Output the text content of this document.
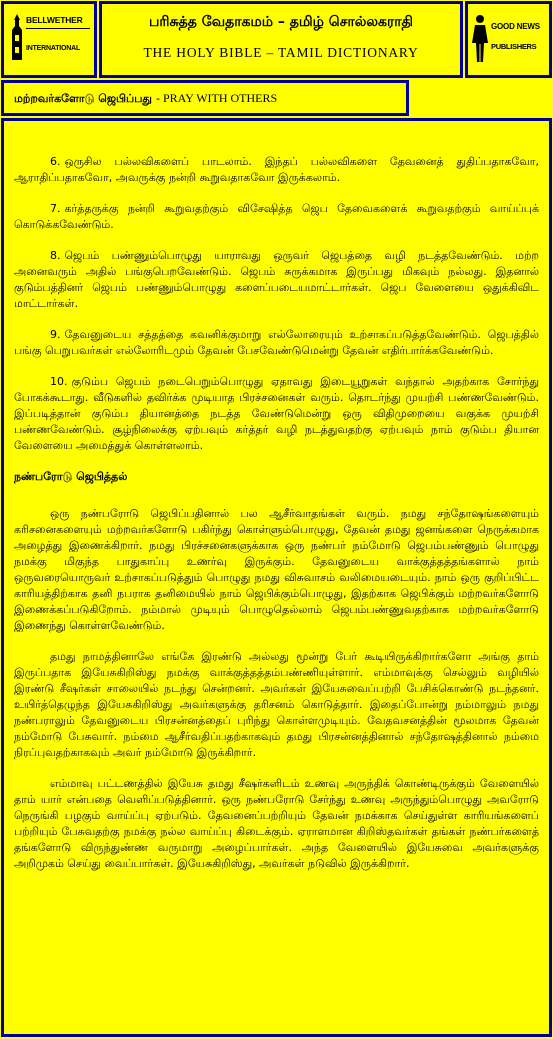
BELLWETHER
INTERNATIONAL
பரிசுத்த வேதாகமம் – தமிழ் சொல்லகராதி
THE HOLY BIBLE – TAMIL DICTIONARY
GOOD NEWS
PUBLISHERS
மற்றவர்களோடு ஜெபிப்பது - PRAY WITH OTHERS

6. ஒருசில பல்லவிகளைப் பாடலாம். இந்தப் பல்லவிகளை தேவனைத் துதிப்பதாகவோ, ஆராதிப்பதாகவோ, அவருக்கு நன்றி கூறுவதாகவோ இருக்கலாம்.

7. கர்த்தருக்கு நன்றி கூறுவதற்கும் விசேஷித்த ஜெப தேவைகளைக் கூறுவதற்கும் வாய்ப்புக் கொடுக்கவேண்டும்.

8. ஜெபம் பண்ணும்பொழுது யாராவது ஒருவர் ஜெபத்தை வழி நடத்தவேண்டும். மற்ற அனைவரும் அதில் பங்குபெறவேண்டும். ஜெபம் சுருக்கமாக இருப்பது மிகவும் நல்லது. இதனால் குடும்பத்தினர் ஜெபம் பண்ணும்பொழுது களைப்படையமாட்டார்கள். ஜெப வேளையை ஒதுக்கிவிட மாட்டார்கள்.

9. தேவனுடைய சத்தத்தை கவனிக்குமாறு எல்லோரையும் உற்சாகப்படுத்தவேண்டும். ஜெபத்தில் பங்கு பெறுபவர்கள் எல்லோரிடமும் தேவன் பேசவேண்டுமென்று தேவன் எதிர்பார்க்கவேண்டும்.

10. குடும்ப ஜெபம் நடைபெறும்பொழுது ஏதாவது இடையூறுகள் வந்தால் அதற்காக சோர்ந்து போகக்கூடாது. வீடுகளில் தவிர்க்க முடியாத பிரச்சனைகள் வரும். தொடர்ந்து முயற்சி பண்ணவேண்டும். இப்படித்தான் குடும்ப தியானத்தை நடத்த வேண்டுமென்று ஒரு விதிமுறையை வகுக்க முயற்சி பண்ணவேண்டும். சூழ்நிலைக்கு ஏற்பவும் கர்த்தர் வழி நடத்துவதற்கு ஏற்பவும் நாம் குடும்ப தியான வேளையை அமைத்துக் கொள்ளலாம்.

நண்பரோடு ஜெபித்தல்

ஒரு நண்பரோடு ஜெபிப்பதினால் பல ஆசீர்வாதங்கள் வரும். நமது சந்தோஷங்களையும் கரிசனைகளையும் மற்றவர்களோடு பகிர்ந்து கொள்ளும்பொழுது, தேவன் தமது ஜனங்களை நெருக்கமாக அழைத்து இணைக்கிறார். நமது பிரச்சனைகளுக்காக ஒரு நண்பர் நம்மோடு ஜெபம்பண்ணும் பொழுது நமக்கு மிகுந்த பாதுகாப்பு உணர்வு இருக்கும். தேவனுடைய வாக்குத்தத்தங்களால் நாம் ஒருவரையொருவர் உற்சாகப்படுத்தும் பொழுது நமது விசுவாசம் வலிமையடையும். நாம் ஒரு குறிப்பிட்ட காரியத்திற்காக தனி நபராக தனிமையில் நாம் ஜெபிக்கும்பொழுது, இதற்காக ஜெபிக்கும் மற்றவர்களோடு இணைக்கப்படுகிறோம். நம்மால் முடியும் பொழுதெல்லாம் ஜெபம்பண்ணுவதற்காக மற்றவர்களோடு இணைந்து கொள்ளவேண்டும்.

தமது நாமத்தினாலே எங்கே இரண்டு அல்லது மூன்று பேர் கூடியிருக்கிறார்களோ அங்கு தாம் இருப்பதாக இயேசுகிறிஸ்து நமக்கு வாக்குத்தத்தம்பண்ணியுள்ளார். எம்மாவுக்கு செல்லும் வழியில் இரண்டு சீஷர்கள் சாலையில் நடந்து சென்றனர். அவர்கள் இயேசுவைப்பற்றி பேசிக்கொண்டு நடந்தனர். உயிர்த்தெழுந்த இயேசுகிறிஸ்து அவர்களுக்கு தரிசனம் கொடுத்தார். இதைப்போன்று நம்மாலும் நமது நண்பராலும் தேவனுடைய பிரசன்னத்தைப் புரிந்து கொள்ளமுடியும். வேதவசனத்தின் மூலமாக தேவன் நம்மோடு பேசுவார். நம்மை ஆசீர்வதிப்பதற்காகவும் தமது பிரசன்னத்தினால் சந்தோஷத்தினால் நம்மை நிரப்புவதற்காகவும் அவர் நம்மோடு இருக்கிறார்.

எம்மாவு பட்டணத்தில் இயேசு தமது சீஷர்களிடம் உணவு அருந்திக் கொண்டிருக்கும் வேளையில் தாம் யார் என்பதை வெளிப்படுத்தினார். ஒரு நண்பரோடு சேர்ந்து உணவு அருந்தும்பொழுது அவரோடு நெருங்கி பழகும் வாய்ப்பு ஏற்படும். தேவனைப்பற்றியும் தேவன் நமக்காக செய்துள்ள காரியங்களைப் பற்றியும் பேசுவதற்கு நமக்கு நல்ல வாய்ப்பு கிடைக்கும். ஏராளமான கிறிஸ்தவர்கள் தங்கள் நண்பர்களைத் தங்களோடு விருந்துண்ண வருமாறு அழைப்பார்கள். அந்த வேளையில் இயேசுவை அவர்களுக்கு அறிமுகம் செய்து வைப்பார்கள். இயேசுகிறிஸ்து, அவர்கள் நடுவில் இருக்கிறார்.
